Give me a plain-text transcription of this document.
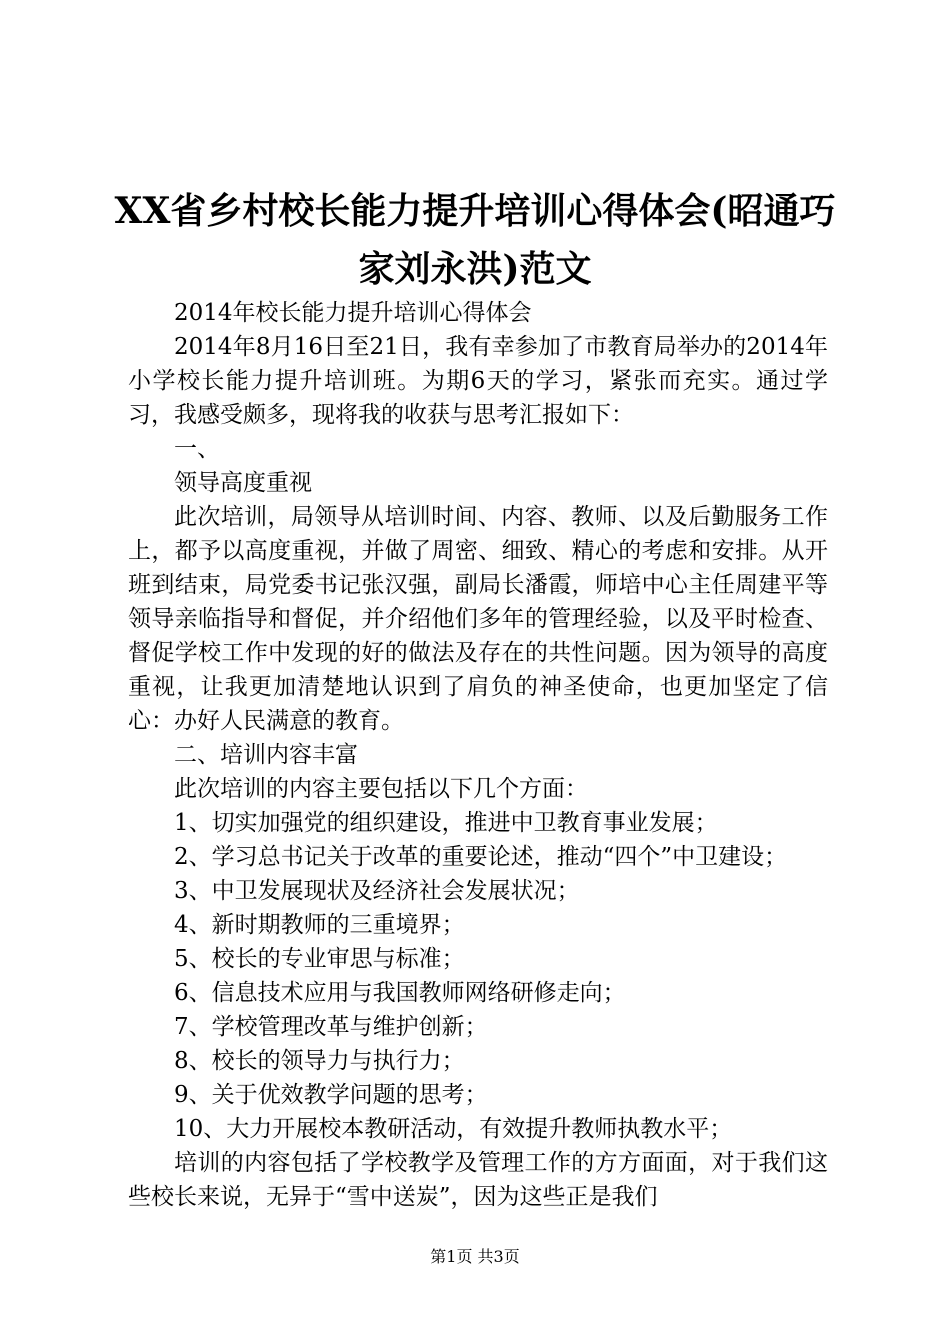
XX省乡村校长能力提升培训心得体会(昭通巧家刘永洪)范文

2014年校长能力提升培训心得体会

2014年8月16日至21日，我有幸参加了市教育局举办的2014年小学校长能力提升培训班。为期6天的学习，紧张而充实。通过学习，我感受颇多，现将我的收获与思考汇报如下：

一、

领导高度重视

此次培训，局领导从培训时间、内容、教师、以及后勤服务工作上，都予以高度重视，并做了周密、细致、精心的考虑和安排。从开班到结束，局党委书记张汉强，副局长潘霞，师培中心主任周建平等领导亲临指导和督促，并介绍他们多年的管理经验，以及平时检查、督促学校工作中发现的好的做法及存在的共性问题。因为领导的高度重视，让我更加清楚地认识到了肩负的神圣使命，也更加坚定了信心：办好人民满意的教育。

二、培训内容丰富

此次培训的内容主要包括以下几个方面：

1、切实加强党的组织建设，推进中卫教育事业发展；

2、学习总书记关于改革的重要论述，推动“四个”中卫建设；

3、中卫发展现状及经济社会发展状况；

4、新时期教师的三重境界；

5、校长的专业审思与标准；

6、信息技术应用与我国教师网络研修走向；

7、学校管理改革与维护创新；

8、校长的领导力与执行力；

9、关于优效教学问题的思考；

10、大力开展校本教研活动，有效提升教师执教水平；

培训的内容包括了学校教学及管理工作的方方面面，对于我们这些校长来说，无异于“雪中送炭”，因为这些正是我们

第1页 共3页
